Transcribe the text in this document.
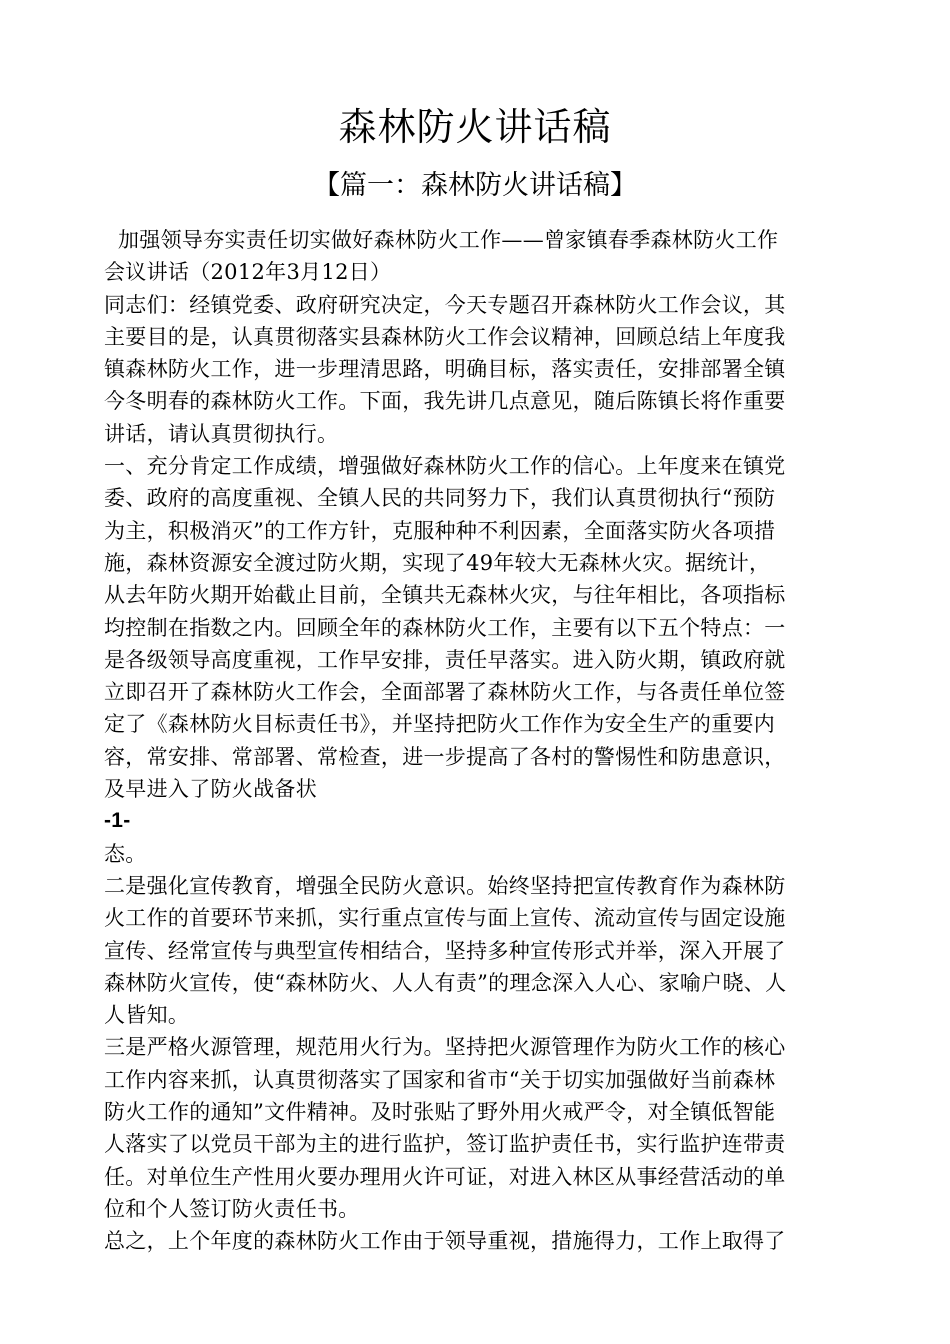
森林防火讲话稿
【篇一：森林防火讲话稿】
加强领导夯实责任切实做好森林防火工作——曾家镇春季森林防火工作
会议讲话（2012年3月12日）
同志们：经镇党委、政府研究决定，今天专题召开森林防火工作会议，其
主要目的是，认真贯彻落实县森林防火工作会议精神，回顾总结上年度我
镇森林防火工作，进一步理清思路，明确目标，落实责任，安排部署全镇
今冬明春的森林防火工作。下面，我先讲几点意见，随后陈镇长将作重要
讲话，请认真贯彻执行。
一、充分肯定工作成绩，增强做好森林防火工作的信心。上年度来在镇党
委、政府的高度重视、全镇人民的共同努力下，我们认真贯彻执行“预防
为主，积极消灭”的工作方针，克服种种不利因素，全面落实防火各项措
施，森林资源安全渡过防火期，实现了49年较大无森林火灾。据统计，
从去年防火期开始截止目前，全镇共无森林火灾，与往年相比，各项指标
均控制在指数之内。回顾全年的森林防火工作，主要有以下五个特点：一
是各级领导高度重视，工作早安排，责任早落实。进入防火期，镇政府就
立即召开了森林防火工作会，全面部署了森林防火工作，与各责任单位签
定了《森林防火目标责任书》，并坚持把防火工作作为安全生产的重要内
容，常安排、常部署、常检查，进一步提高了各村的警惕性和防患意识，
及早进入了防火战备状
-1-
态。
二是强化宣传教育，增强全民防火意识。始终坚持把宣传教育作为森林防
火工作的首要环节来抓，实行重点宣传与面上宣传、流动宣传与固定设施
宣传、经常宣传与典型宣传相结合，坚持多种宣传形式并举，深入开展了
森林防火宣传，使“森林防火、人人有责”的理念深入人心、家喻户晓、人
人皆知。
三是严格火源管理，规范用火行为。坚持把火源管理作为防火工作的核心
工作内容来抓，认真贯彻落实了国家和省市“关于切实加强做好当前森林
防火工作的通知”文件精神。及时张贴了野外用火戒严令，对全镇低智能
人落实了以党员干部为主的进行监护，签订监护责任书，实行监护连带责
任。对单位生产性用火要办理用火许可证，对进入林区从事经营活动的单
位和个人签订防火责任书。
总之，上个年度的森林防火工作由于领导重视，措施得力，工作上取得了
